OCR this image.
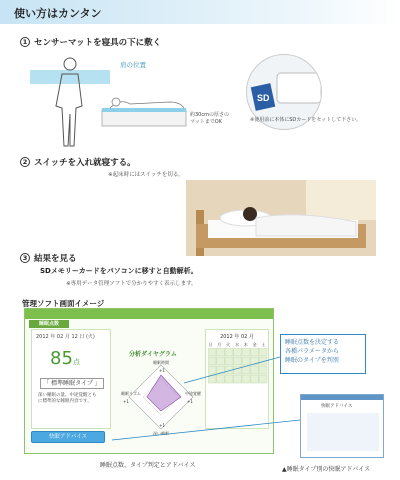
使い方はカンタン
1 センサーマットを寝具の下に敷く
肩の位置
約30cmの厚さの
マットまでOK
SD
※使用前に本体にSDカードをセットして下さい。
2 スイッチを入れ就寝する。
※起床時にはスイッチを切る。
3 結果を見る
SDメモリーカードをパソコンに移すと自動解析。
※専用データ管理ソフトで分かりやすく表示します。
管理ソフト画面イメージ
睡眠点数
2012 年 02 月 12 日 (火)
85点
「 標準睡眠タイプ 」
深い睡眠の量、中途覚醒とも
に標準的な睡眠内容です。
分析ダイヤグラム
睡眠時間
+1
中途覚醒
+1
深い睡眠
+1
睡眠リズム
+1
2012 年 02 月
日 月 火 水 木 金 土
快眠アドバイス
睡眠点数を決定する
各種パラメータから
睡眠のタイプを判別
快眠アドバイス
睡眠点数、タイプ判定とアドバイス
▲睡眠タイプ別の快眠アドバイス
